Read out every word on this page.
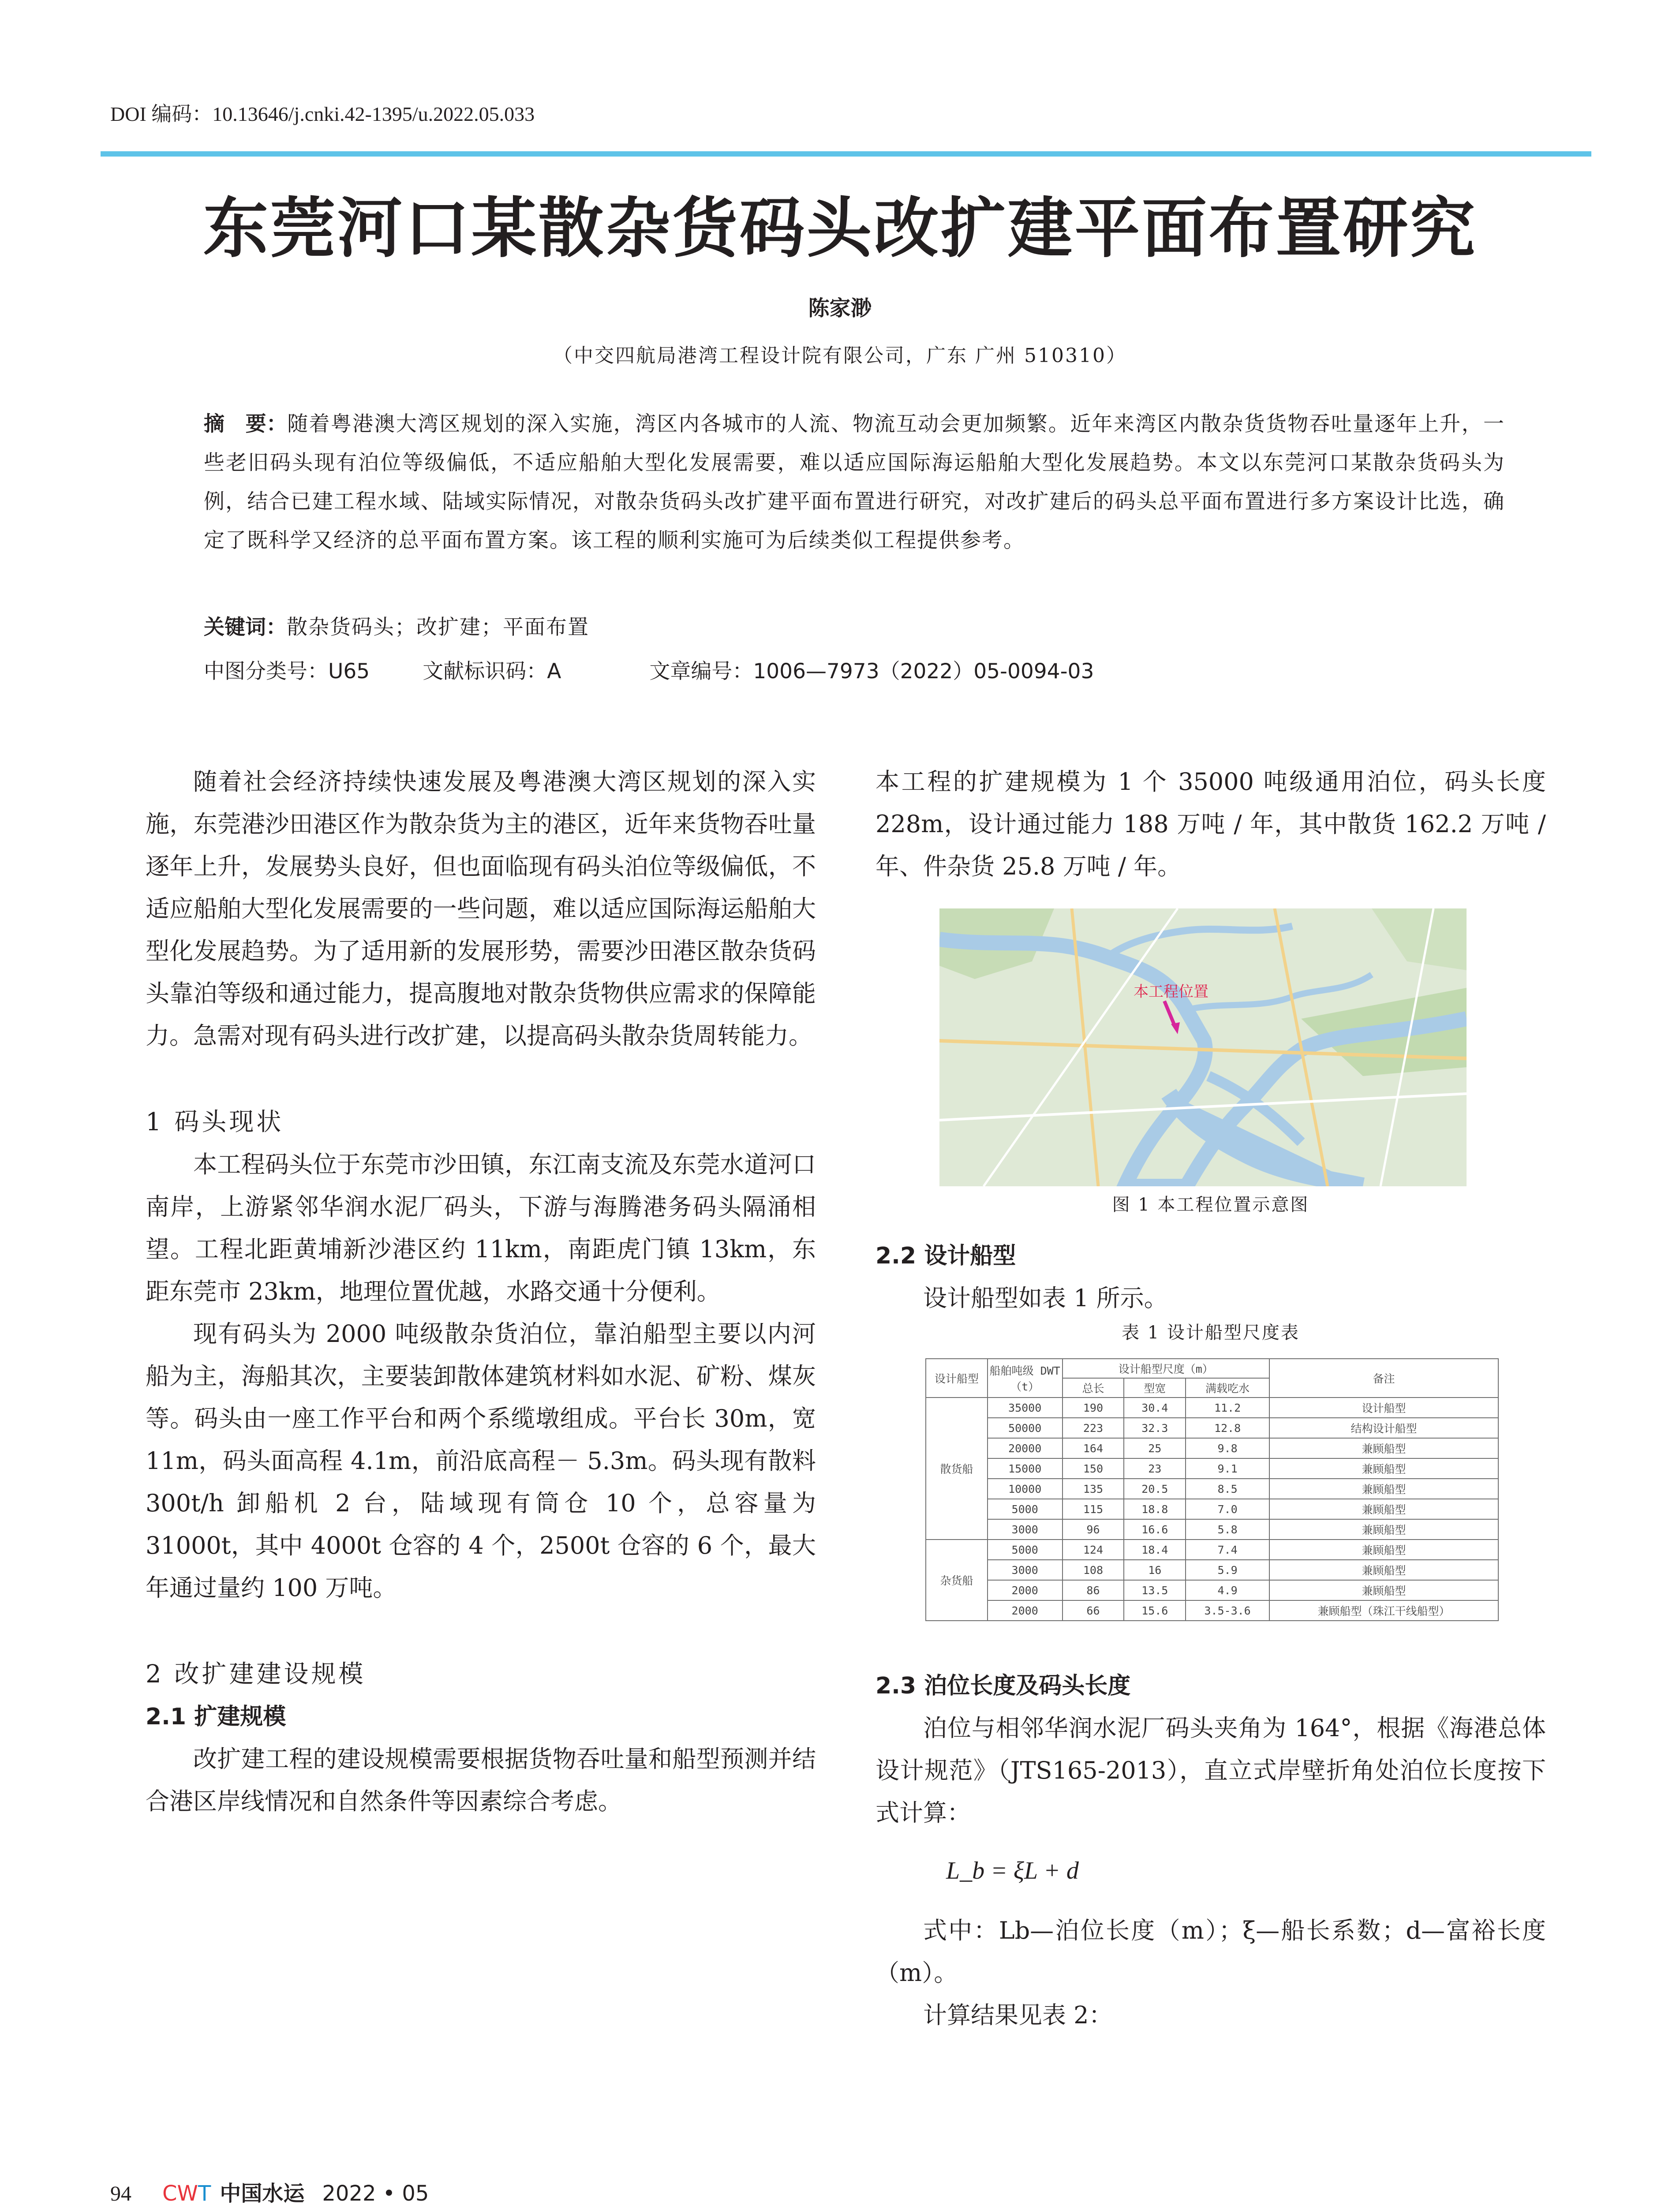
DOI 编码：10.13646/j.cnki.42-1395/u.2022.05.033
东莞河口某散杂货码头改扩建平面布置研究
陈家渺
（中交四航局港湾工程设计院有限公司，广东 广州 510310）
摘　要：随着粤港澳大湾区规划的深入实施，湾区内各城市的人流、物流互动会更加频繁。近年来湾区内散杂货货物吞吐量逐年上升，一些老旧码头现有泊位等级偏低，不适应船舶大型化发展需要，难以适应国际海运船舶大型化发展趋势。本文以东莞河口某散杂货码头为例，结合已建工程水域、陆域实际情况，对散杂货码头改扩建平面布置进行研究，对改扩建后的码头总平面布置进行多方案设计比选，确定了既科学又经济的总平面布置方案。该工程的顺利实施可为后续类似工程提供参考。
关键词：散杂货码头；改扩建；平面布置
中图分类号：U65	文献标识码：A	文章编号：1006—7973（2022）05-0094-03

随着社会经济持续快速发展及粤港澳大湾区规划的深入实施，东莞港沙田港区作为散杂货为主的港区，近年来货物吞吐量逐年上升，发展势头良好，但也面临现有码头泊位等级偏低，不适应船舶大型化发展需要的一些问题，难以适应国际海运船舶大型化发展趋势。为了适用新的发展形势，需要沙田港区散杂货码头靠泊等级和通过能力，提高腹地对散杂货物供应需求的保障能力。急需对现有码头进行改扩建，以提高码头散杂货周转能力。

1 码头现状

本工程码头位于东莞市沙田镇，东江南支流及东莞水道河口南岸，上游紧邻华润水泥厂码头，下游与海腾港务码头隔涌相望。工程北距黄埔新沙港区约 11km，南距虎门镇 13km，东距东莞市 23km，地理位置优越，水路交通十分便利。

现有码头为 2000 吨级散杂货泊位，靠泊船型主要以内河船为主，海船其次，主要装卸散体建筑材料如水泥、矿粉、煤灰等。码头由一座工作平台和两个系缆墩组成。平台长 30m，宽 11m，码头面高程 4.1m，前沿底高程－ 5.3m。码头现有散料 300t/h 卸船机 2 台，陆域现有筒仓 10 个，总容量为 31000t，其中 4000t 仓容的 4 个，2500t 仓容的 6 个，最大年通过量约 100 万吨。

2 改扩建建设规模

2.1 扩建规模

改扩建工程的建设规模需要根据货物吞吐量和船型预测并结合港区岸线情况和自然条件等因素综合考虑。

本工程的扩建规模为 1 个 35000 吨级通用泊位，码头长度 228m，设计通过能力 188 万吨 / 年，其中散货 162.2 万吨 / 年、件杂货 25.8 万吨 / 年。

本工程位置
图 1 本工程位置示意图

2.2 设计船型

设计船型如表 1 所示。

表 1 设计船型尺度表
设计船型	船舶吨级 DWT（t）	设计船型尺度（m）			备注
		总长	型宽	满载吃水	
散货船	35000	190	30.4	11.2	设计船型
	50000	223	32.3	12.8	结构设计船型
	20000	164	25	9.8	兼顾船型
	15000	150	23	9.1	兼顾船型
	10000	135	20.5	8.5	兼顾船型
	5000	115	18.8	7.0	兼顾船型
	3000	96	16.6	5.8	兼顾船型
杂货船	5000	124	18.4	7.4	兼顾船型
	3000	108	16	5.9	兼顾船型
	2000	86	13.5	4.9	兼顾船型
	2000	66	15.6	3.5-3.6	兼顾船型（珠江干线船型）

2.3 泊位长度及码头长度

泊位与相邻华润水泥厂码头夹角为 164°，根据《海港总体设计规范》（JTS165-2013），直立式岸壁折角处泊位长度按下式计算：

L_b = ξL + d

式中：Lb—泊位长度（m）；ξ—船长系数；d—富裕长度（m）。

计算结果见表 2：

94 CWT 中国水运 2022 • 05
